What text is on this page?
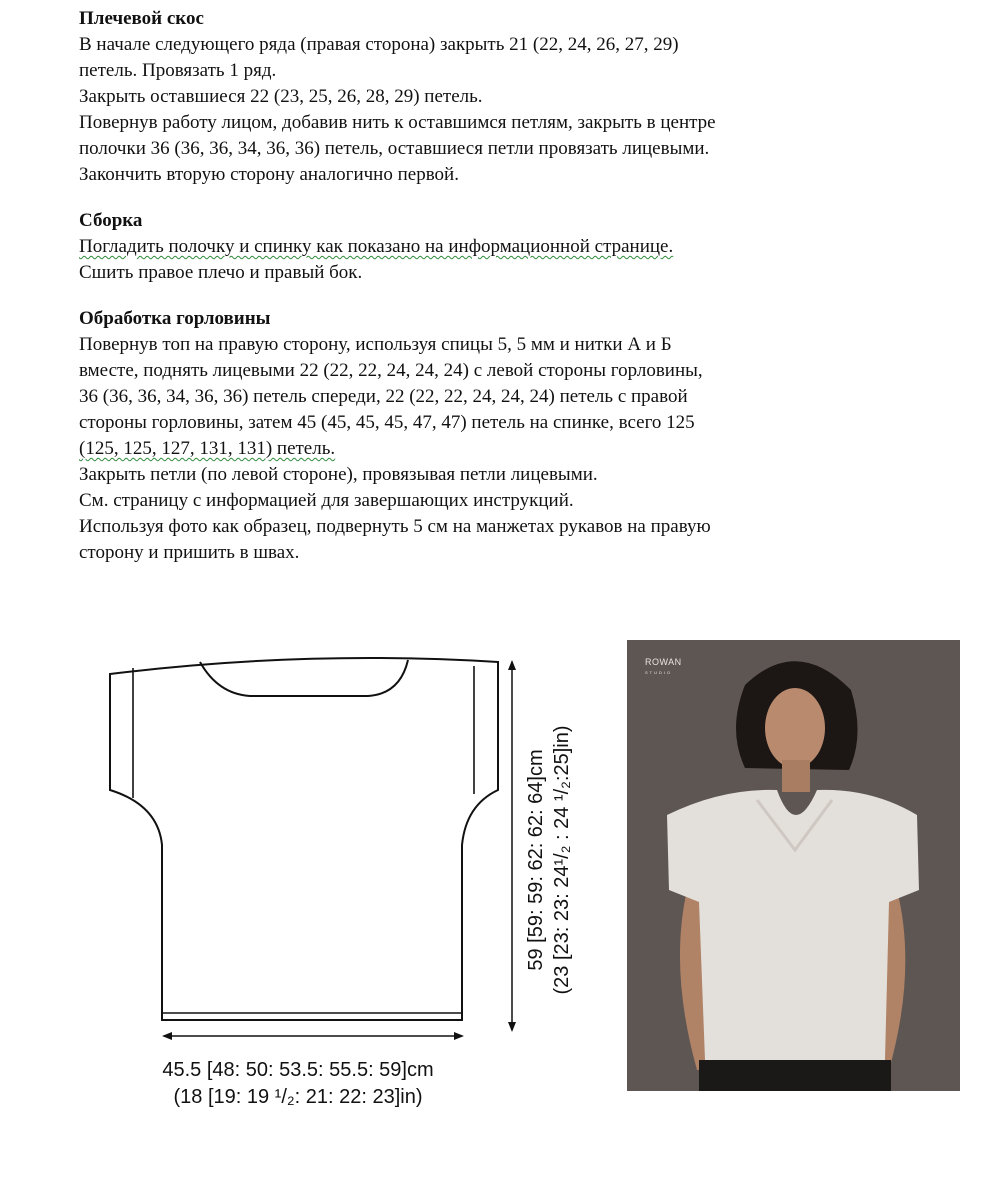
Плечевой скос
В начале следующего ряда (правая сторона) закрыть 21 (22, 24, 26, 27, 29)
петель. Провязать 1 ряд.
Закрыть оставшиеся 22 (23, 25, 26, 28, 29) петель.
Повернув работу лицом, добавив нить к оставшимся петлям, закрыть в центре
полочки 36 (36, 36, 34, 36, 36) петель, оставшиеся петли провязать лицевыми.
Закончить вторую сторону аналогично первой.
Сборка
Погладить полочку и спинку как показано на информационной странице.
Сшить правое плечо и правый бок.
Обработка горловины
Повернув топ на правую сторону, используя спицы 5, 5 мм и нитки А и Б
вместе, поднять лицевыми 22 (22, 22, 24, 24, 24) с левой стороны горловины,
36 (36, 36, 34, 36, 36) петель спереди, 22 (22, 22, 24, 24, 24) петель с правой
стороны горловины, затем 45 (45, 45, 45, 47, 47) петель на спинке, всего 125
(125, 125, 127, 131, 131) петель.
Закрыть петли (по левой стороне), провязывая петли лицевыми.
См. страницу с информацией для завершающих инструкций.
Используя фото как образец, подвернуть 5 см на манжетах рукавов на правую
сторону и пришить в швах.
45.5 [48: 50: 53.5: 55.5: 59]cm
(18 [19: 19 ¹/₂: 21: 22: 23]in)
59 [59: 59: 62: 62: 64]cm (23 [23: 23: 24¹/₂ : 24 ¹/₂:25]in)
ROWAN
STUDIO
